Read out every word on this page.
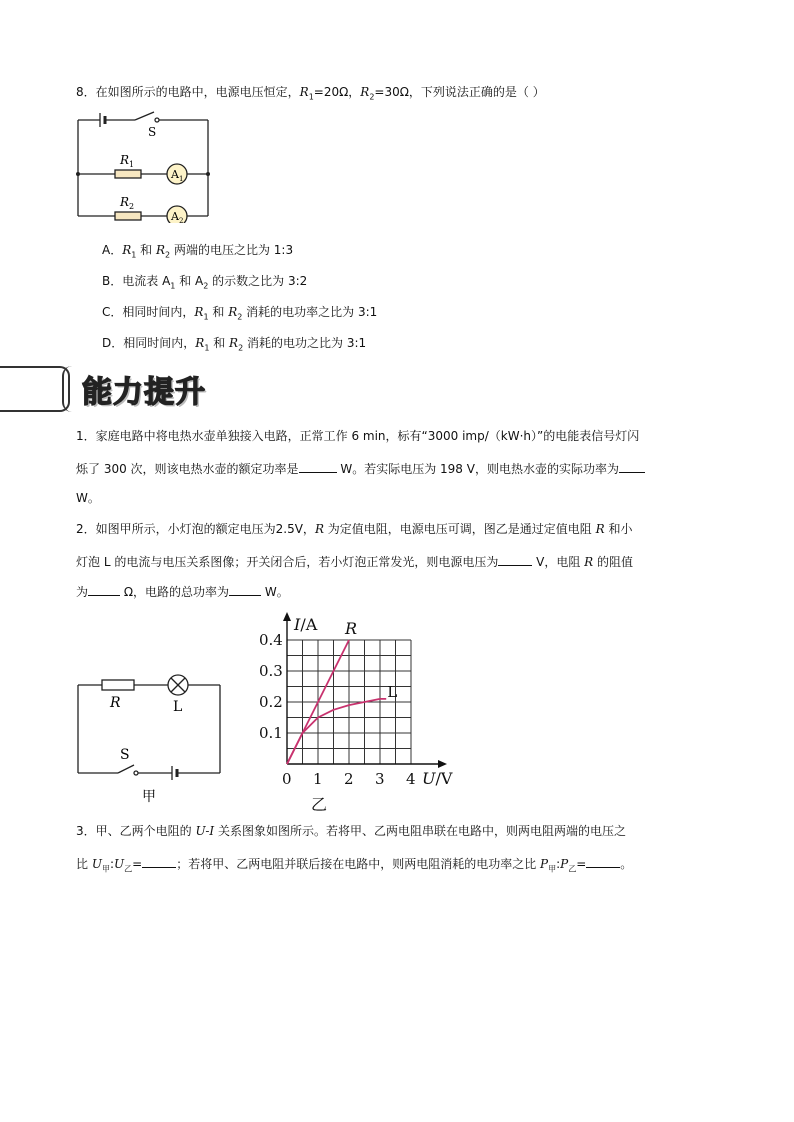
8．在如图所示的电路中，电源电压恒定，$R_1=20\Omega$，$R_2=30\Omega$，下列说法正确的是（ ）
S
$R_1$
$R_2$
$A_1$
$A_2$
A．$R_1$ 和 $R_2$ 两端的电压之比为 1:3
B．电流表 $A_1$ 和 $A_2$ 的示数之比为 3:2
C．相同时间内，$R_1$ 和 $R_2$ 消耗的电功率之比为 3:1
D．相同时间内，$R_1$ 和 $R_2$ 消耗的电功之比为 3:1
能力提升
1．家庭电路中将电热水壶单独接入电路，正常工作 6 min，标有“3000 imp/（kW·h）”的电能表信号灯闪
烁了 300 次，则该电热水壶的额定功率是	W。若实际电压为 198 V，则电热水壶的实际功率为
W。
2．如图甲所示，小灯泡的额定电压为2.5V，R 为定值电阻，电源电压可调，图乙是通过定值电阻 R 和小
灯泡 L 的电流与电压关系图像；开关闭合后，若小灯泡正常发光，则电源电压为	V，电阻 R 的阻值
为	Ω，电路的总功率为	W。
R	L
S
甲
0 1 2 3 4
0.1
0.2
0.3
0.4
I/A
U/V
R
L
乙
3．甲、乙两个电阻的 U-I 关系图象如图所示。若将甲、乙两电阻串联在电路中，则两电阻两端的电压之
比 $U_甲:U_乙=$	；若将甲、乙两电阻并联后接在电路中，则两电阻消耗的电功率之比 $P_甲:P_乙=$	。
